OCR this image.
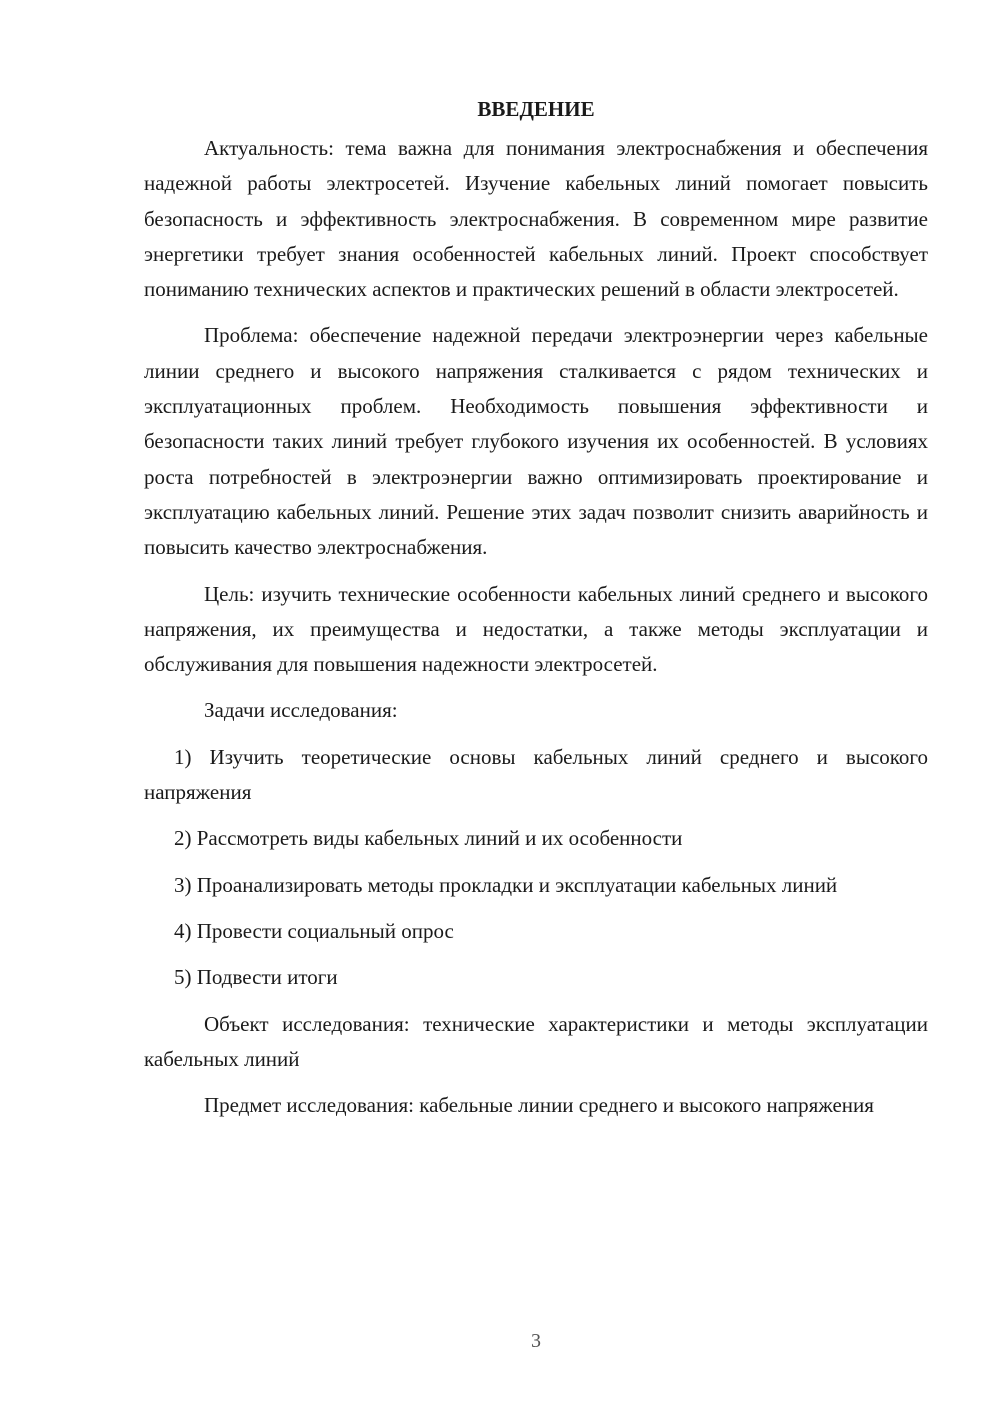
ВВЕДЕНИЕ

Актуальность: тема важна для понимания электроснабжения и обеспечения надежной работы электросетей. Изучение кабельных линий помогает повысить безопасность и эффективность электроснабжения. В современном мире развитие энергетики требует знания особенностей кабельных линий. Проект способствует пониманию технических аспектов и практических решений в области электросетей.

Проблема: обеспечение надежной передачи электроэнергии через кабельные линии среднего и высокого напряжения сталкивается с рядом технических и эксплуатационных проблем. Необходимость повышения эффективности и безопасности таких линий требует глубокого изучения их особенностей. В условиях роста потребностей в электроэнергии важно оптимизировать проектирование и эксплуатацию кабельных линий. Решение этих задач позволит снизить аварийность и повысить качество электроснабжения.

Цель: изучить технические особенности кабельных линий среднего и высокого напряжения, их преимущества и недостатки, а также методы эксплуатации и обслуживания для повышения надежности электросетей.

Задачи исследования:

1) Изучить теоретические основы кабельных линий среднего и высокого напряжения

2) Рассмотреть виды кабельных линий и их особенности

3) Проанализировать методы прокладки и эксплуатации кабельных линий

4) Провести социальный опрос

5) Подвести итоги

Объект исследования: технические характеристики и методы эксплуатации кабельных линий

Предмет исследования: кабельные линии среднего и высокого напряжения

3
